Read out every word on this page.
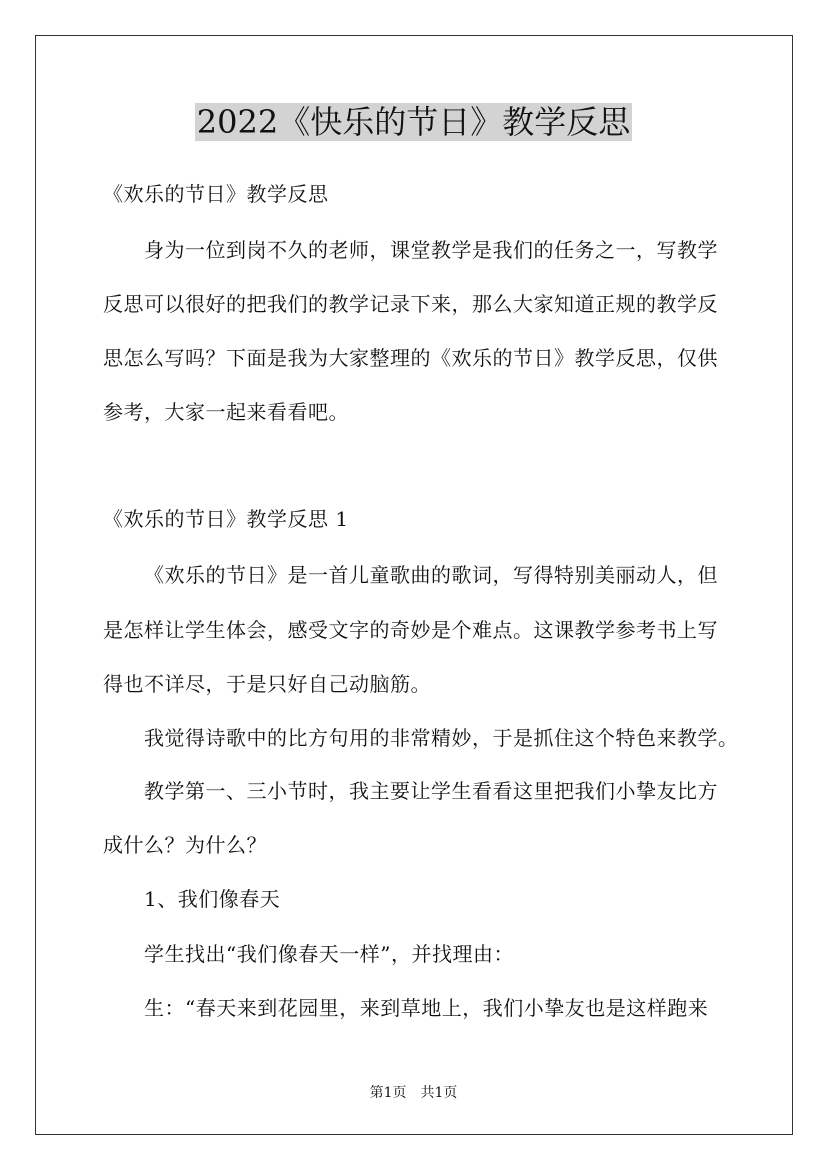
2022《快乐的节日》教学反思
《欢乐的节日》教学反思
身为一位到岗不久的老师，课堂教学是我们的任务之一，写教学
反思可以很好的把我们的教学记录下来，那么大家知道正规的教学反
思怎么写吗？下面是我为大家整理的《欢乐的节日》教学反思，仅供
参考，大家一起来看看吧。
《欢乐的节日》教学反思 1
《欢乐的节日》是一首儿童歌曲的歌词，写得特别美丽动人，但
是怎样让学生体会，感受文字的奇妙是个难点。这课教学参考书上写
得也不详尽，于是只好自己动脑筋。
我觉得诗歌中的比方句用的非常精妙，于是抓住这个特色来教学。
教学第一、三小节时，我主要让学生看看这里把我们小挚友比方
成什么？为什么？
1、我们像春天
学生找出“我们像春天一样”，并找理由：
生：“春天来到花园里，来到草地上，我们小挚友也是这样跑来
第1页　共1页
